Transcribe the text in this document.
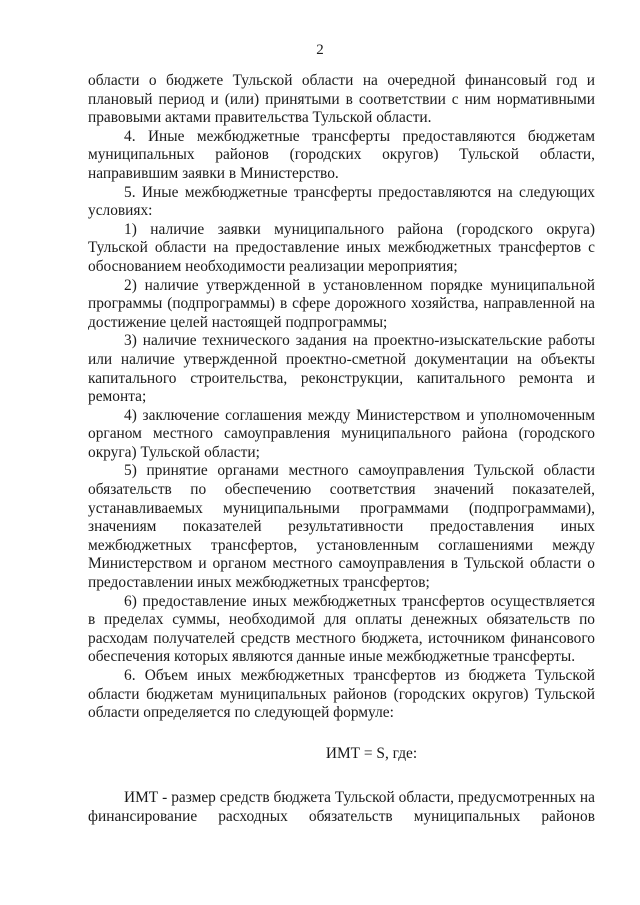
2

области о бюджете Тульской области на очередной финансовый год и плановый период и (или) принятыми в соответствии с ним нормативными правовыми актами правительства Тульской области.

4. Иные межбюджетные трансферты предоставляются бюджетам муниципальных районов (городских округов) Тульской области, направившим заявки в Министерство.

5. Иные межбюджетные трансферты предоставляются на следующих условиях:

1) наличие заявки муниципального района (городского округа) Тульской области на предоставление иных межбюджетных трансфертов с обоснованием необходимости реализации мероприятия;

2) наличие утвержденной в установленном порядке муниципальной программы (подпрограммы) в сфере дорожного хозяйства, направленной на достижение целей настоящей подпрограммы;

3) наличие технического задания на проектно-изыскательские работы или наличие утвержденной проектно-сметной документации на объекты капитального строительства, реконструкции, капитального ремонта и ремонта;

4) заключение соглашения между Министерством и уполномоченным органом местного самоуправления муниципального района (городского округа) Тульской области;

5) принятие органами местного самоуправления Тульской области обязательств по обеспечению соответствия значений показателей, устанавливаемых муниципальными программами (подпрограммами), значениям показателей результативности предоставления иных межбюджетных трансфертов, установленным соглашениями между Министерством и органом местного самоуправления в Тульской области о предоставлении иных межбюджетных трансфертов;

6) предоставление иных межбюджетных трансфертов осуществляется в пределах суммы, необходимой для оплаты денежных обязательств по расходам получателей средств местного бюджета, источником финансового обеспечения которых являются данные иные межбюджетные трансферты.

6. Объем иных межбюджетных трансфертов из бюджета Тульской области бюджетам муниципальных районов (городских округов) Тульской области определяется по следующей формуле:

ИМТ = S, где:

ИМТ - размер средств бюджета Тульской области, предусмотренных на финансирование расходных обязательств муниципальных районов
